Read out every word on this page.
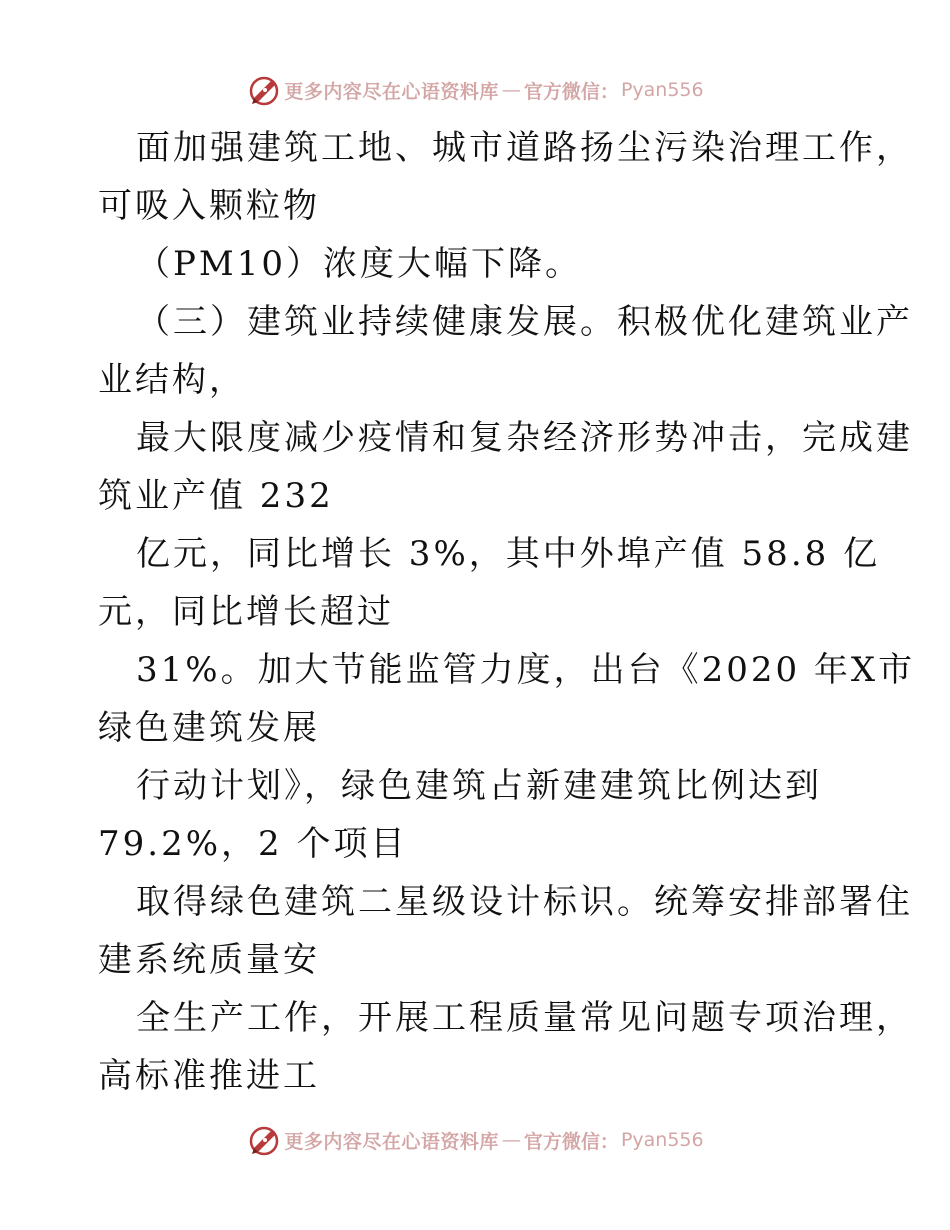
更多内容尽在心语资料库 — 官方微信： Pyan556
面加强建筑工地、城市道路扬尘污染治理工作，
可吸入颗粒物
（PM10）浓度大幅下降。
（三）建筑业持续健康发展。积极优化建筑业产
业结构，
最大限度减少疫情和复杂经济形势冲击，完成建
筑业产值 232
亿元，同比增长 3%，其中外埠产值 58.8 亿
元，同比增长超过
31%。加大节能监管力度，出台《2020 年X市
绿色建筑发展
行动计划》，绿色建筑占新建建筑比例达到
79.2%，2 个项目
取得绿色建筑二星级设计标识。统筹安排部署住
建系统质量安
全生产工作，开展工程质量常见问题专项治理，
高标准推进工
更多内容尽在心语资料库 — 官方微信： Pyan556
